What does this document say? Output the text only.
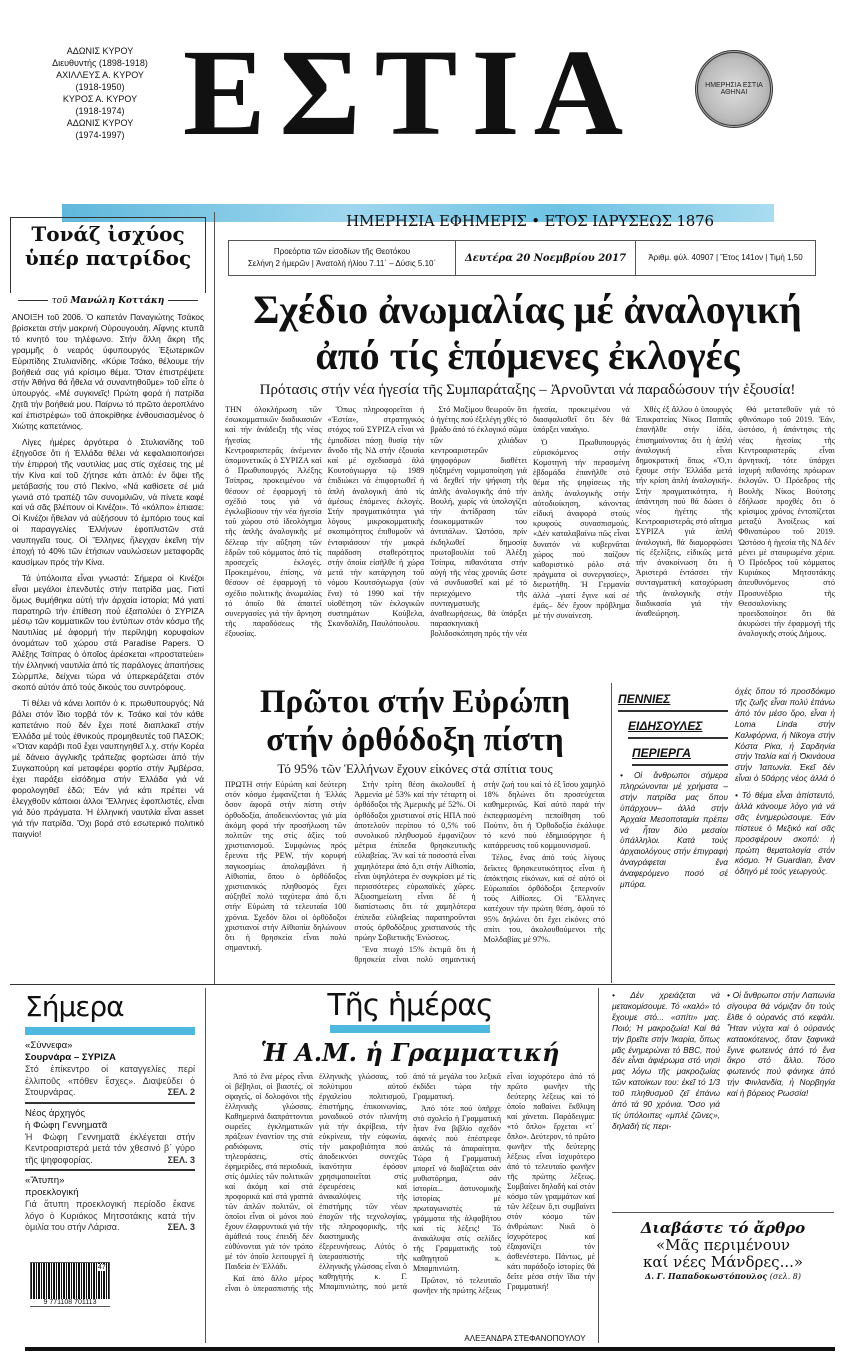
ΑΔΩΝΙΣ ΚΥΡΟΥ
Διευθυντής (1898-1918)
ΑΧΙΛΛΕΥΣ Α. ΚΥΡΟΥ
(1918-1950)
ΚΥΡΟΣ Α. ΚΥΡΟΥ
(1918-1974)
ΑΔΩΝΙΣ ΚΥΡΟΥ
(1974-1997) ΕΣΤΙΑ	ΗΜΕΡΗΣΙΑ ΕΣΤΙΑ ΑΘΗΝΑΙ
ΗΜΕΡΗΣΙΑ ΕΦΗΜΕΡΙΣ • ΕΤΟΣ ΙΔΡΥΣΕΩΣ 1876
Προεόρτια τῶν εἰσοδίων τῆς Θεοτόκου
Σελήνη 2 ἡμερῶν | Ἀνατολή ἡλίου 7.11΄ – Δύσις 5.10΄	Δευτέρα 20 Νοεμβρίου 2017	Ἀριθμ. φύλ. 40907 | Ἔτος 141ον | Τιμή 1,50
Τονάζ ἰσχύος ὑπέρ πατρίδος
τοῦ Μανώλη Κοττάκη

ΑΝΟΙΞΗ τοῦ 2006. Ὁ καπετάν Παναγιώτης Τσάκος βρίσκεται στήν μακρινή Οὐρουγουάη. Αἴφνης κτυπᾶ τό κινητό του τηλέφωνο. Στήν ἄλλη ἄκρη τῆς γραμμῆς ὁ νεαρός ὑφυπουργός Ἐξωτερικῶν Εὐριπίδης Στυλιανίδης. «Κύριε Τσάκο, θέλουμε τήν βοήθειά σας γιά κρίσιμο θέμα. Ὅταν ἐπιστρέψετε στήν Ἀθήνα θά ἤθελα νά συναντηθοῦμε» τοῦ εἶπε ὁ ὑπουργός. «Μέ συγκινεῖς! Πρώτη φορά ἡ πατρίδα ζητᾶ τήν βοήθειά μου. Παίρνω τό πρῶτο ἀεροπλάνο καί ἐπιστρέφω» τοῦ ἀποκρίθηκε ἐνθουσιασμένος ὁ Χιώτης καπετάνιος.

Λίγες ἡμέρες ἀργότερα ὁ Στυλιανίδης τοῦ ἐξηγοῦσε ὅτι ἡ Ἑλλάδα θέλει νά κεφαλαιοποιήσει τήν ἐπιρροή τῆς ναυτιλίας μας στίς σχέσεις της μέ τήν Κίνα καί τοῦ ζήτησε κάτι ἁπλό: ἐν ὄψει τῆς μετάβασής του στό Πεκίνο, «Νά καθίσετε σέ μιά γωνιά στό τραπέζι τῶν συνομιλιῶν, νά πίνετε καφέ καί νά σᾶς βλέπουν οἱ Κινέζοι». Τό «κόλπο» ἐπιασε: Οἱ Κινέζοι ἤθελαν νά αὐξήσουν τό ἐμπόριο τους καί οἱ παραγγελίες Ἑλλήνων ἐφοπλιστῶν στά ναυπηγεῖα τους. Οἱ Ἕλληνες ἤλεγχαν ἐκεῖνη τήν ἐποχή τό 40% τῶν ἐτήσιων ναυλώσεων μεταφορᾶς καυσίμων πρός τήν Κίνα.

Τά ὑπόλοιπα εἶναι γνωστά: Σήμερα οἱ Κινέζοι εἶναι μεγάλοι ἐπενδυτές στήν πατρίδα μας. Γιατί ὅμως θυμήθηκα αὐτή τήν ἀρχαία ἱστορία; Μά γιατί παρατηρῶ τήν ἐπίθεση πού ἐξαπολύει ὁ ΣΥΡΙΖΑ μέσῳ τῶν κομματικῶν του ἐντύπων στόν κόσμο τῆς Ναυτιλίας μέ ἀφορμή τήν περίληψη κορυφαίων ὀνομάτων τοῦ χώρου στά Paradise Papers. Ὁ Ἀλέξης Τσίπρας ὁ ὁποῖος ἀρέσκεται «προστατεύει» τήν ἑλληνική ναυτιλία ἀπό τίς παράλογες ἀπαιτήσεις Σώρμπλε, δείχνει τώρα νά ὑπερκεράζεται στόν σκοπό αὐτόν ἀπό τούς δικούς του συντρόφους.

Τί θέλει νά κάνει λοιπόν ὁ κ. πρωθυπουργός; Νά βάλει στόν ἴδιο τορβά τόν κ. Τσάκο καί τόν κάθε καπετάνιο πού δέν ἔχει ποτέ διαπλακεῖ στήν Ἑλλάδα μέ τούς ἐθνικούς προμηθευτές τοῦ ΠΑΣΟΚ; «Ὅταν καράβι ποῦ ἔχει ναυπηγηθεῖ λ.χ. στήν Κορέα μέ δάνειο ἀγγλικῆς τράπεζας φορτώσει ἀπό τήν Συγκαπούρη καί μεταφέρει φορτίο στήν Ἀμβέρσα, ἐχει παράξει εἰσόδημα στήν Ἑλλάδα γιά νά φορολογηθεῖ ἐδῶ; Ἐάν γιά κάτι πρέπει νά ἐλεγχθοῦν κάποιοι ἀλλοι Ἕλληνες ἐφοπλιστές, εἶναι γιά δύο πράγματα. Ἡ ἑλληνική ναυτιλία εἶναι asset γιά τήν πατρίδα. Ὄχι βορά στό εσωτερικό πολιτικό παιγνίο!

Σχέδιο ἀνωμαλίας μέ ἀναλογική
ἀπό τίς ἑπόμενες ἐκλογές
Πρότασις στήν νέα ἡγεσία τῆς Συμπαράταξης – Ἀρνοῦνται νά παραδώσουν τήν ἐξουσία!

ΤΗΝ ὁλοκλήρωση τῶν ἐσωκομματικῶν διαδικασιῶν καί τήν ἀνάδειξη τῆς νέας ἡγεσίας τῆς Κεντροαριστερᾶς ἀνέμεναν ὑπομονετικῶς ὁ ΣΥΡΙΖΑ καί ὁ Πρωθυπουργός Ἀλέξης Τσίπρας, προκειμένου νά θέσουν σέ ἐφαρμογή τό σχέδιό τους γιά νά ἐγκλωβίσουν τήν νέα ἡγεσία τοῦ χώρου στό ἰδεολόγημα τῆς ἁπλῆς ἀναλογικῆς μέ δέλεαρ τήν αὔξηση τῶν ἑδρῶν τοῦ κόμματος ἀπό τίς προσεχεῖς ἐκλογές. Προκειμένου, ἐπίσης, νά θέσουν σέ ἐφαρμογή τό σχέδιο πολιτικῆς ἀνωμαλίας τό ὁποῖο θά ἀπαιτεῖ συνεργασίες γιά τήν ἄρνηση τῆς παραδόσεως τῆς ἐξουσίας.

Ὅπως πληροφορεῖται ἡ «Ἑστία», στρατηγικός στόχος τοῦ ΣΥΡΙΖΑ εἶναι νά ἐμποδίσει πάσῃ θυσίᾳ τήν ἄνοδο τῆς ΝΔ στήν ἐξουσία καί μέ σχεδιασμό ἀλά Κουτσόγιωργα τῷ 1989 ἐπιδιώκει νά ἐπιφορτωθεῖ ἡ ἁπλή ἀναλογική ἀπό τίς ἀμέσως ἑπόμενες ἐκλογές. Στήν πραγματικότητα γιά λόγους μικροκομματικῆς σκοπιμότητος ἐπιθυμοῦν νά ἐνταφιάσουν τήν μακρά παράδοση σταθερότητος στήν ὁποία εἰσῆλθε ἡ χώρα μετά τήν κατάργηση τοῦ νόμου Κουτσόγιωργα (σύν ἕνα) τό 1990 καί τήν υἱοθέτηση τῶν ἐκλογικῶν συστημάτων Κούβελα, Σκανδαλίδη, Παυλόπουλου.

Στό Μαξίμου θεωροῦν ὅτι ὁ ἡγέτης πού ἐξελέγη χθές τό βράδυ ἀπό τό ἐκλογικό σῶμα τῶν χιλιάδων κεντροαριστερῶν ψηφοφόρων διαθέτει ηὐξημένη νομιμοποίηση γιά νά δεχθεῖ τήν ψήφιση τῆς ἁπλῆς ἀναλογικῆς ἀπό τήν Βουλή, χωρίς νά ὑπολογίζει τήν ἀντίδραση τῶν ἐσωκομματικῶν του ἀντιπάλων. Ὡστόσο, πρίν ἐκδηλωθεῖ δημοσίᾳ πρωτοβουλία τοῦ Ἀλέξη Τσίπρα, πιθανότατα στήν αὐγή τῆς νέας χρονιᾶς ὥστε νά συνδυασθεῖ καί μέ τό περιεχόμενο τῆς συνταγματικῆς ἀναθεωρήσεως, θά ὑπάρξει παρασκηνιακή βολιδοσκόπηση πρός τήν νέα ἡγεσία, προκειμένου νά διασφαλισθεῖ ὅτι δέν θά ὑπάρξει ναυάγιο.

Ὁ Πρωθυπουργός εὑρισκόμενος στήν Κομοτηνή τήν περασμένη ἑβδομάδα ἐπανῆλθε στό θέμα τῆς ψηφίσεως τῆς ἁπλῆς ἀναλογικῆς στήν αὐτοδιοίκηση, κάνοντας εἰδική ἀναφορά στούς κρυφούς συνασπισμούς. «Δέν καταλαβαίνω πῶς εἶναι δυνατόν νά κυβερνᾶται χώρος πού παίζουν καθοριστικό ρόλο στά πράγματα οἱ συνεργασίες», διερωτήθη. Ἡ Γερμανία ἀλλά –γιατί ἔγινε καί σέ ἐμᾶς– δέν ἔχουν πρόβλημα μέ τήν συναίνεση.

Χθές ἐξ ἄλλου ὁ ὑπουργός Ἐπικρατείας Νίκος Παππᾶς ἐπανῆλθε στήν ἰδέα, ἐπισημαίνοντας ὅτι ἡ ἁπλή ἀναλογική εἶναι δημοκρατική ὅπως «Ὅ,τι ἔχουμε στήν Ἑλλάδα μετά τήν κρίση ἁπλή ἀναλογική». Στήν πραγματικότητα, ἡ ἀπάντηση πού θά δώσει ὁ νέος ἡγέτης τῆς Κεντροαριστερᾶς στό αἴτημα ΣΥΡΙΖΑ γιά ἁπλή ἀναλογική, θά διαμορφώσει τίς ἐξελίξεις, εἰδικῶς μετά τήν ἀνακοίνωση ὅτι ἡ Ἀριστερά ἐντάσσει τήν συνταγματική κατοχύρωση τῆς ἀναλογικῆς στήν διαδικασία γιά τήν ἀναθεώρηση.

Θά μετατεθοῦν γιά τό φθινόπωρο τοῦ 2019. Ἐάν, ὡστόσο, ἡ ἀπάντησις τῆς νέας ἡγεσίας τῆς Κεντροαριστερᾶς εἶναι ἀρνητική, τότε ὑπάρχει ἰσχυρή πιθανότης πρόωρων ἐκλογῶν. Ὁ Πρόεδρος τῆς Βουλῆς Νίκος Βούτσης ἐδήλωσε προχθές ὅτι ὁ κρίσιμος χρόνος ἐντοπίζεται μεταξύ Ἀνοίξεως καί Φθινοπώρου τοῦ 2019. Ὡστόσο ἡ ἡγεσία τῆς ΝΔ δέν μένει μέ σταυρωμένα χέρια. Ὁ Πρόεδρος τοῦ κόμματος Κυριάκος Μητσοτάκης ἀπευθυνόμενος στό Προσυνέδριο τῆς Θεσσαλονίκης προειδοποίησε ὅτι θά ἀκυρώσει τήν ἐφαρμογή τῆς ἀναλογικῆς στούς Δήμους.

Πρῶτοι στήν Εὐρώπη
στήν ὀρθόδοξη πίστη
Τό 95% τῶν Ἑλλήνων ἔχουν εἰκόνες στά σπίτια τους

ΠΡΩΤΗ στήν Εὐρώπη καί δεύτερη στόν κόσμο ἐμφανίζεται ἡ Ἑλλάς ὅσον ἀφορᾶ στήν πίστη στήν ὀρθοδοξία, ἀποδεικνύοντας γιά μία ἀκόμη φορά τήν προσήλωση τῶν πολιτῶν της στίς ἀξίες τοῦ χριστιανισμοῦ. Συμφώνως πρός ἔρευνα τῆς PEW, τήν κορυφή παγκοσμίως ἀπολαμβάνει ἡ Αἰθιοπία, ὅπου ὁ ὀρθόδοξος χριστιανικός πληθυσμός ἔχει αὐξηθεῖ πολύ ταχύτερα ἀπό ὅ,τι στήν Εὐρώπη τά τελευταῖα 100 χρόνια. Σχεδόν ὅλοι οἱ ὀρθόδοξοι χριστιανοί στήν Αἰθιοπία δηλώνουν ὅτι ἡ θρησκεία εἶναι πολύ σημαντική.

Στήν τρίτη θέση ἀκολουθεῖ ἡ Ἀρμενία μέ 53% καί τήν τέταρτη οἱ ὀρθόδοξοι τῆς Ἀμερικῆς μέ 52%. Οἱ ὀρθόδοξοι χριστιανοί στίς ΗΠΑ πού ἀποτελοῦν περίπου τό 0,5% τοῦ συνολικοῦ πληθυσμοῦ ἐμφανίζουν μέτρια ἐπίπεδα θρησκευτικῆς εὐλαβείας. Ἄν καί τά ποσοστά εἶναι χαμηλότερα ἀπό ὅ,τι στήν Αἰθιοπία, εἶναι ὑψηλότερα ἐν συγκρίσει μέ τίς περισσότερες εὐρωπαϊκές χῶρες. Ἀξιοσημείωτη εἶναι δέ ἡ διαπίστωσις ὅτι τά χαμηλότερα ἐπίπεδα εὐλαβείας παρατηροῦνται στούς ὀρθοδόξους χριστιανούς τῆς πρώην Σοβιετικῆς Ἑνώσεως.

Ἕνα πτωχό 15% ἐκτιμᾶ ὅτι ἡ θρησκεία εἶναι πολύ σημαντική στήν ζωή του καί τό ἐξ ἴσου χαμηλό 18% δηλώνει ὅτι προσεύχεται καθημερινῶς. Καί αὐτό παρά τήν ἐκπεφρασμένη πεποίθηση τοῦ Πούτιν, ὅτι ἡ Ὀρθοδοξία ἐκάλυψε τό κενό πού ἐδημιούργησε ἡ κατάρρευσις τοῦ κομμουνισμοῦ.

Τέλος, ἕνας ἀπό τούς λίγους δεῖκτες θρησκευτικότητος εἶναι ἡ ἀπόκτησις εἰκόνων, καί σέ αὐτό οἱ Εὐρωπαῖοι ὀρθόδοξοι ξεπερνοῦν τούς Αἰθίοπες. Οἱ Ἕλληνες κατέχουν τήν πρώτη θέση, ἀφοῦ τό 95% δηλώνει ὅτι ἔχει εἰκόνες στό σπίτι του, ἀκολουθούμενοι τῆς Μολδαβίας μέ 97%.

ΠΕΝΝΙΕΣ
ΕΙΔΗΣΟΥΛΕΣ
ΠΕΡΙΕΡΓΑ

ὀχές ὅπου τό προσδόκιμο τῆς ζωῆς εἶναι πολύ ἐπάνω ἀπό τόν μέσο ὅρο, εἶναι ἡ Loma Linda στήν Καλιφόρνια, ἡ Nikoya στήν Κόστα Ρίκα, ἡ Σαρδηνία στήν Ἰταλία καί ἡ Ὀκινάουα στήν Ἰαπωνία. Ἐκεῖ δέν εἶναι ὁ 50άρης νέος ἀλλά ὁ

• Οἱ ἄνθρωποι σήμερα πληρώνονται μέ χρήματα –στήν πατρίδα μας ὅπου ὑπάρχουν– ἀλλά στήν Ἀρχαία Μεσοποταμία πρέπει νά ἦταν δύο μεσαίοι ὑπάλληλοι. Κατά τούς ἀρχαιολόγους στήν ἐπιγραφή ἀναγράφεται ἕνα ἀναφερόμενο ποσό σέ μπύρα.

• Τό θέμα εἶναι ἀπίστευτό, ἀλλά κάνουμε λόγο γιά νά σᾶς ἐνημερώσουμε. Ἐάν πίστευε ὁ Μεξικό καί σᾶς προσφέρουν σκοπό: ἡ πρώτη θεματολογία στόν κόσμο. Ἡ Guardian, ἕναν ὁδηγό μέ τούς γεωργούς.

Σήμερα
«Σύννεφα»
Σουρνάρα – ΣΥΡΙΖΑ
Στό ἐπίκεντρο οἱ καταγγελίες περί ἐλλιποῦς «πόθεν ἔσχες». Διαψεύδει ὁ Στουρνάρας.	ΣΕΛ. 2
Νέος ἀρχηγός
ἡ Φώφη Γεννηματᾶ
Ἡ Φώφη Γεννηματᾶ ἐκλέγεται στήν Κεντροαριστερά μετά τόν χθεσινό β΄ γύρο τῆς ψηφοφορίας.	ΣΕΛ. 3
«Ἄτυπη»
προεκλογική
Γιά ἄτυπη προεκλογική περίοδο ἔκανε λόγο ὁ Κυριάκος Μητσοτάκης κατά τήν ὁμιλία του στήν Λάρισα.	ΣΕΛ. 3
9 771108 701113
47
Τῆς ἡμέρας
Ἡ Α.Μ. ἡ Γραμματική

Ἀπό τό ἕνα μέρος εἶναι οἱ βέβηλοι, οἱ βιαστές, οἱ σφαγεῖς, οἱ δολοφόνοι τῆς ἑλληνικῆς γλώσσας. Καθημερινά διαπράττονται σωρεῖες ἐγκληματικῶν πράξεων ἐναντίον της στά ραδιόφωνα, στίς τηλεοράσεις, στίς ἐφημερίδες, στά περιοδικά, στίς ὁμιλίες τῶν πολιτικῶν καί ἀκόμη καί στά προφορικά καί στά γραπτά τῶν ἁπλῶν πολιτῶν, οἱ ὁποῖοι εἶναι οἱ μόνοι πού ἔχουν ἐλαφρυντικά γιά τήν ἀμάθειά τους ἐπειδή δέν εὐθύνονται γιά τόν τρόπο μέ τόν ὁποῖο λειτουργεῖ ἡ Παιδεία ἐν Ἑλλάδι.

Καί ἀπό ἄλλο μέρος εἶναι ὁ ὑπερασπιστής τῆς ἑλληνικῆς γλώσσας, τοῦ πολύτιμου αὐτοῦ ἐργαλείου πολιτισμοῦ, ἐπιστήμης, ἐπικοινωνίας, μοναδικοῦ στόν πλανήτη γιά τήν ἀκρίβεια, τήν εὐκρίνεια, τήν εὐφωνία, τήν μακροβιότητα πού ἀποδεικνύει συνεχῶς ἱκανότητα ἐφόσον χρησιμοποιεῖται στίς ἐφευρέσεις καί ἀνακαλύψεις τῆς ἐπιστήμης τῶν νέων ἐποχῶν τῆς τεχνολογίας, τῆς πληροφορικῆς, τῆς διαστημικῆς ἐξερευνήσεως. Αὐτός ὁ ὑπερασπιστής τῆς ἑλληνικῆς γλώσσας εἶναι ὁ καθηγητής κ. Γ. Μπαμπινιώτης, πού μετά ἀπό τά μεγάλα του λεξικά ἐκδίδει τώρα τήν Γραμματική.

Ἀπό τότε πού ὑπῆρχε στό σχολεῖο ἡ Γραμματική ἦταν ἕνα βιβλίο σχεδόν ἀφανές πού ἐπέστρεφε ἁπλῶς τά ἀπαραίτητα. Τώρα ἡ Γραμματική μπορεῖ νά διαβάζεται σάν μυθιστόρημα, σάν ἱστορία... ἀστυνομικῆς ἱστορίας μέ πρωταγωνιστές τά γράμματα τῆς ἀλφαβήτου καί τίς λέξεις! Τό ἀνακάλυψα στίς σελίδες τῆς Γραμματικῆς τοῦ καθηγητοῦ κ. Μπαμπινιώτη.

Πρῶτον, τό τελευταῖο φωνῆεν τῆς πρώτης λέξεως εἶναι ἰσχυρότερο ἀπό τό πρῶτο φωνῆεν τῆς δεύτερης λέξεως καί τό ὁποῖο παθαίνει ἔκθλιψη καί χάνεται. Παράδειγμα: «τό ὅπλο» ἔρχεται «τ᾽ ὅπλο». Δεύτερον, τό πρῶτο φωνῆεν τῆς δεύτερης λέξεως εἶναι ἰσχυρότερο ἀπό τό τελευταῖο φωνῆεν τῆς πρώτης λέξεως. Συμβαίνει δηλαδή καί στόν κόσμο τῶν γραμμάτων καί τῶν λέξεων ὅ,τι συμβαίνει στόν κόσμο τῶν ἀνθρώπων: Νικᾶ ὁ ἰσχυρότερος καί ἐξαφανίζει τόν ἀσθενέστερο. Πάντως, μέ κάτι παράδοξο ἱστορίες θά δεῖτε μέσα στήν ἴδια τήν Γραμματική!

ΑΛΕΞΑΝΔΡΑ ΣΤΕΦΑΝΟΠΟΥΛΟΥ

• Δέν χρειάζεται νά μετακομίσουμε. Τό «καλό» τό ἔχουμε στό... «σπίτι» μας. Ποιό; Ἡ μακροζωία! Καί θά τήν βρεῖτε στήν Ἰκαρία, ὅπως μᾶς ἐνημερώνει τό BBC, πού δέν εἶναι ἀφιέρωμα στό νησί μας λόγω τῆς μακροζωίας τῶν κατοίκων του: ἐκεῖ τό 1/3 τοῦ πληθυσμοῦ ζεῖ ἐπάνω ἀπό τά 90 χρόνια. Ὅσο γιά τίς ὑπόλοιπες «μπλέ ζῶνες», δηλαδή τίς περι-

• Οἱ ἄνθρωποι στήν Λαπωνία σίγουρα θά νόμιζαν ὅτι τούς ἔλθε ὁ οὐρανός στό κεφάλι. Ἦταν νύχτα καί ὁ οὐρανός καταοκότεινος, ὅταν ξαφνικά ἔγινε φωτεινός ἀπό τό ἕνα ἄκρο στό ἄλλο. Τόσο φωτεινός πού φάνηκε ἀπό τήν Φινλανδία, ἡ Νορβηγία καί ἡ βόρειος Ρωσσία!

Διαβάστε τό ἄρθρο
«Μᾶς περιμένουν
καί νέες Μάνδρες...»
Δ. Γ. Παπαδοκωστόπουλος (σελ. 8)
